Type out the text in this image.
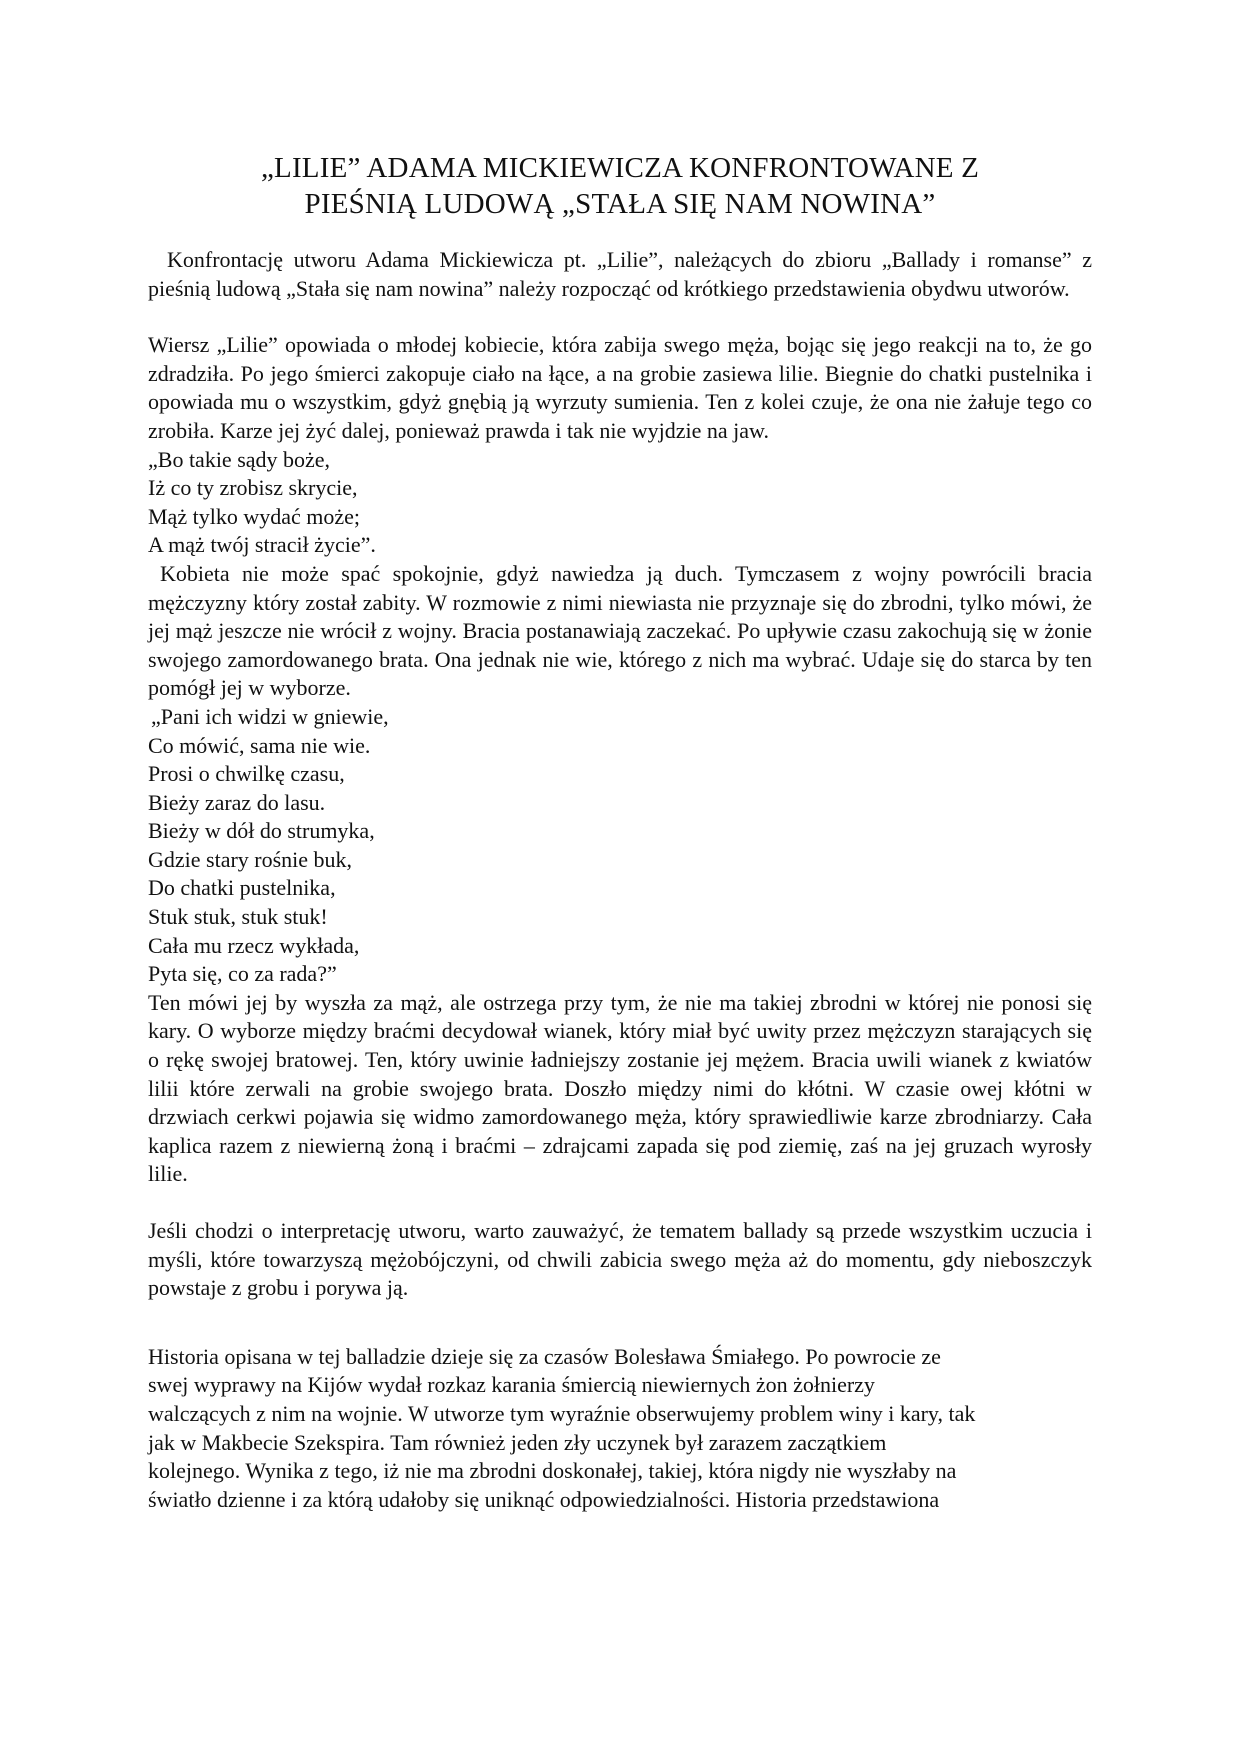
„LILIE” ADAMA MICKIEWICZA KONFRONTOWANE Z
PIEŚNIĄ LUDOWĄ „STAŁA SIĘ NAM NOWINA”

Konfrontację utworu Adama Mickiewicza pt. „Lilie”, należących do zbioru „Ballady i romanse” z pieśnią ludową „Stała się nam nowina” należy rozpocząć od krótkiego przedstawienia obydwu utworów.

Wiersz „Lilie” opowiada o młodej kobiecie, która zabija swego męża, bojąc się jego reakcji na to, że go zdradziła. Po jego śmierci zakopuje ciało na łące, a na grobie zasiewa lilie. Biegnie do chatki pustelnika i opowiada mu o wszystkim, gdyż gnębią ją wyrzuty sumienia. Ten z kolei czuje, że ona nie żałuje tego co zrobiła. Karze jej żyć dalej, ponieważ prawda i tak nie wyjdzie na jaw.

„Bo takie sądy boże,
Iż co ty zrobisz skrycie,
Mąż tylko wydać może;
A mąż twój stracił życie”.

Kobieta nie może spać spokojnie, gdyż nawiedza ją duch. Tymczasem z wojny powrócili bracia mężczyzny który został zabity. W rozmowie z nimi niewiasta nie przyznaje się do zbrodni, tylko mówi, że jej mąż jeszcze nie wrócił z wojny. Bracia postanawiają zaczekać. Po upływie czasu zakochują się w żonie swojego zamordowanego brata. Ona jednak nie wie, którego z nich ma wybrać. Udaje się do starca by ten pomógł jej w wyborze.

„Pani ich widzi w gniewie,
Co mówić, sama nie wie.
Prosi o chwilkę czasu,
Bieży zaraz do lasu.
Bieży w dół do strumyka,
Gdzie stary rośnie buk,
Do chatki pustelnika,
Stuk stuk, stuk stuk!
Cała mu rzecz wykłada,
Pyta się, co za rada?”

Ten mówi jej by wyszła za mąż, ale ostrzega przy tym, że nie ma takiej zbrodni w której nie ponosi się kary. O wyborze między braćmi decydował wianek, który miał być uwity przez mężczyzn starających się o rękę swojej bratowej. Ten, który uwinie ładniejszy zostanie jej mężem. Bracia uwili wianek z kwiatów lilii które zerwali na grobie swojego brata. Doszło między nimi do kłótni. W czasie owej kłótni w drzwiach cerkwi pojawia się widmo zamordowanego męża, który sprawiedliwie karze zbrodniarzy. Cała kaplica razem z niewierną żoną i braćmi – zdrajcami zapada się pod ziemię, zaś na jej gruzach wyrosły lilie.

Jeśli chodzi o interpretację utworu, warto zauważyć, że tematem ballady są przede wszystkim uczucia i myśli, które towarzyszą mężobójczyni, od chwili zabicia swego męża aż do momentu, gdy nieboszczyk powstaje z grobu i porywa ją.

Historia opisana w tej balladzie dzieje się za czasów Bolesława Śmiałego. Po powrocie ze
swej wyprawy na Kijów wydał rozkaz karania śmiercią niewiernych żon żołnierzy
walczących z nim na wojnie. W utworze tym wyraźnie obserwujemy problem winy i kary, tak
jak w Makbecie Szekspira. Tam również jeden zły uczynek był zarazem zaczątkiem
kolejnego. Wynika z tego, iż nie ma zbrodni doskonałej, takiej, która nigdy nie wyszłaby na
światło dzienne i za którą udałoby się uniknąć odpowiedzialności. Historia przedstawiona
